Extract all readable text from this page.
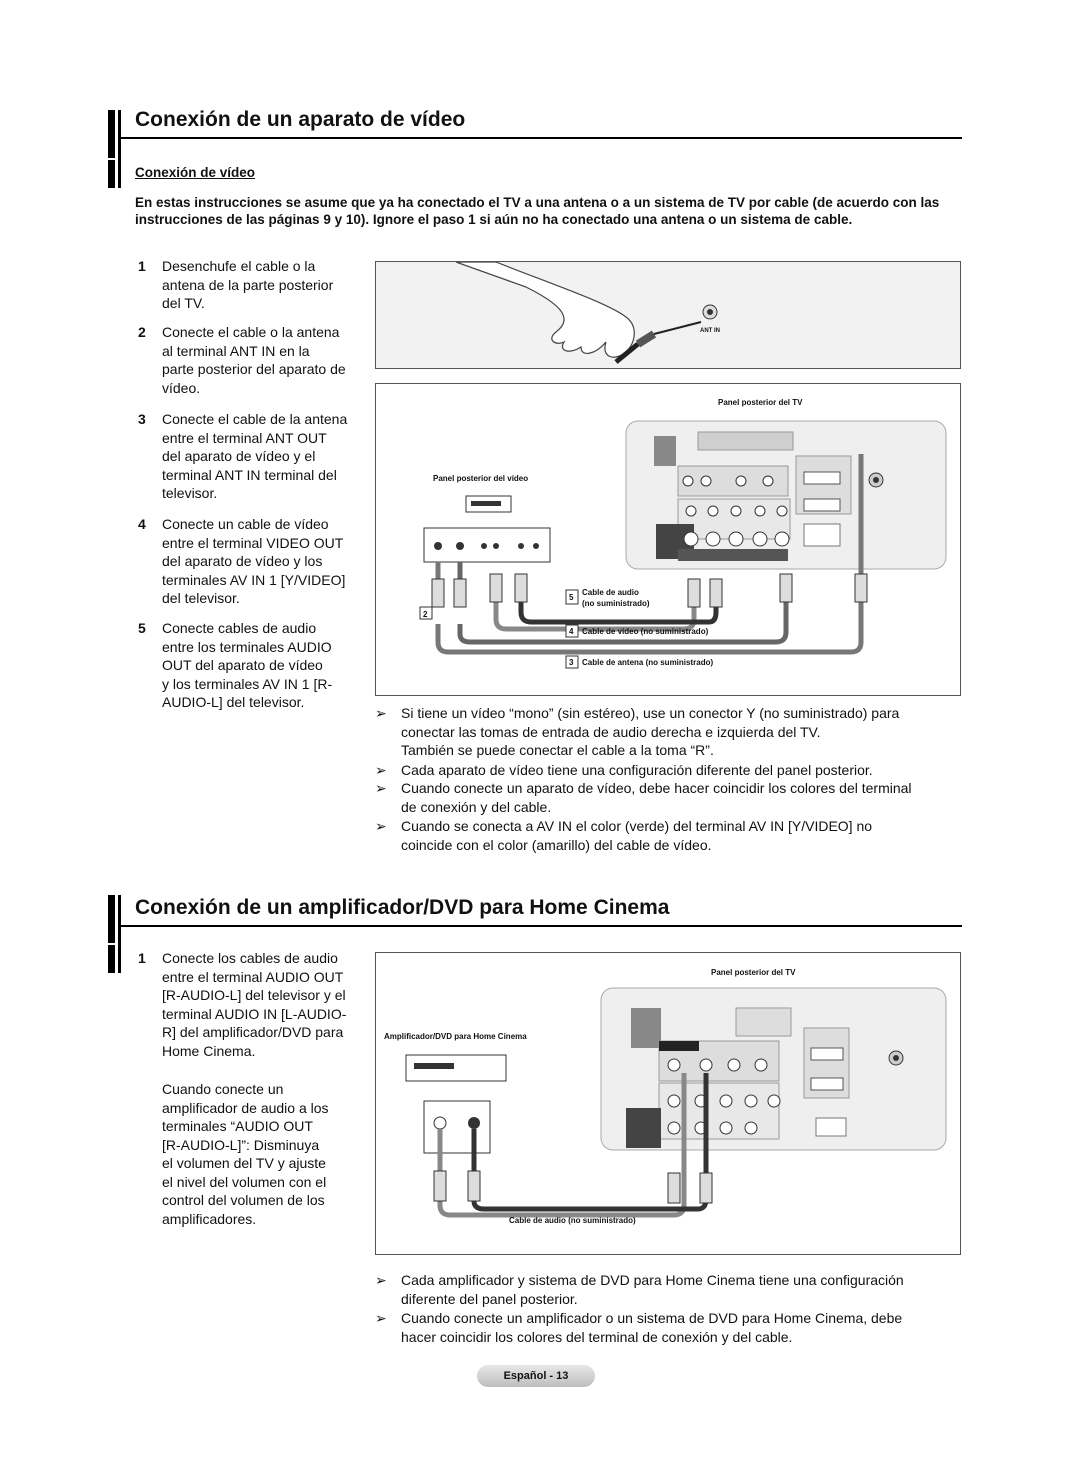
Conexión de un aparato de vídeo
Conexión de vídeo
En estas instrucciones se asume que ya ha conectado el TV a una antena o a un sistema de TV por cable (de acuerdo con las instrucciones de las páginas 9 y 10). Ignore el paso 1 si aún no ha conectado una antena o un sistema de cable.
1 Desenchufe el cable o la
antena de la parte posterior
del TV.
2 Conecte el cable o la antena
al terminal ANT IN en la
parte posterior del aparato de
vídeo.
3 Conecte el cable de la antena
entre el terminal ANT OUT
del aparato de vídeo y el
terminal ANT IN terminal del
televisor.
4 Conecte un cable de vídeo
entre el terminal VIDEO OUT
del aparato de vídeo y los
terminales AV IN 1 [Y/VIDEO]
del televisor.
5 Conecte cables de audio
entre los terminales AUDIO
OUT del aparato de vídeo
y los terminales AV IN 1 [R-
AUDIO-L] del televisor.
ANT IN
Panel posterior del TV
Panel posterior del vídeo
2
5
Cable de audio
(no suministrado)
4 Cable de vídeo (no suministrado)
3 Cable de antena (no suministrado)
➢ Si tiene un vídeo “mono” (sin estéreo), use un conector Y (no suministrado) para
conectar las tomas de entrada de audio derecha e izquierda del TV.
También se puede conectar el cable a la toma “R”.
➢ Cada aparato de vídeo tiene una configuración diferente del panel posterior.
➢ Cuando conecte un aparato de vídeo, debe hacer coincidir los colores del terminal
de conexión y del cable.
➢ Cuando se conecta a AV IN el color (verde) del terminal AV IN [Y/VIDEO] no
coincide con el color (amarillo) del cable de vídeo.
Conexión de un amplificador/DVD para Home Cinema
1 Conecte los cables de audio
entre el terminal AUDIO OUT
[R-AUDIO-L] del televisor y el
terminal AUDIO IN [L-AUDIO-
R] del amplificador/DVD para
Home Cinema.
Cuando conecte un
amplificador de audio a los
terminales “AUDIO OUT
[R-AUDIO-L]”: Disminuya
el volumen del TV y ajuste
el nivel del volumen con el
control del volumen de los
amplificadores.
Panel posterior del TV
Amplificador/DVD para Home Cinema
Cable de audio (no suministrado)
➢ Cada amplificador y sistema de DVD para Home Cinema tiene una configuración
diferente del panel posterior.
➢ Cuando conecte un amplificador o un sistema de DVD para Home Cinema, debe
hacer coincidir los colores del terminal de conexión y del cable.
Español - 13
